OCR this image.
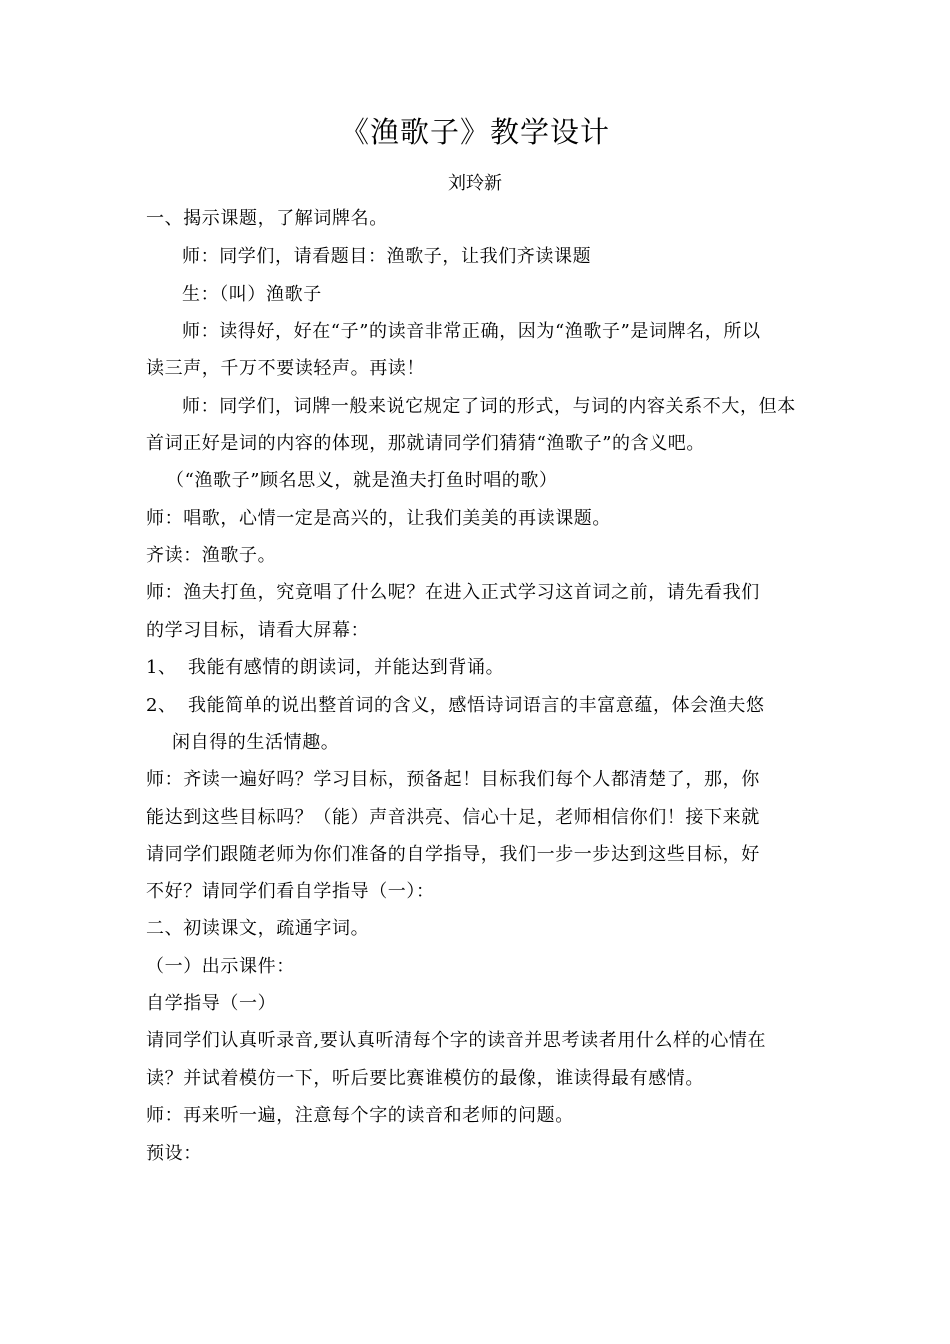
《渔歌子》教学设计
刘玲新
一、揭示课题，了解词牌名。
师：同学们，请看题目：渔歌子，让我们齐读课题
生：（叫）渔歌子
师：读得好，好在“子”的读音非常正确，因为“渔歌子”是词牌名，所以
读三声，千万不要读轻声。再读！
师：同学们，词牌一般来说它规定了词的形式，与词的内容关系不大，但本
首词正好是词的内容的体现，那就请同学们猜猜“渔歌子”的含义吧。
（“渔歌子”顾名思义，就是渔夫打鱼时唱的歌）
师：唱歌，心情一定是高兴的，让我们美美的再读课题。
齐读：渔歌子。
师：渔夫打鱼，究竟唱了什么呢？在进入正式学习这首词之前，请先看我们
的学习目标，请看大屏幕：
1、 我能有感情的朗读词，并能达到背诵。
2、 我能简单的说出整首词的含义，感悟诗词语言的丰富意蕴，体会渔夫悠
闲自得的生活情趣。
师：齐读一遍好吗？学习目标，预备起！目标我们每个人都清楚了，那，你
能达到这些目标吗？（能）声音洪亮、信心十足，老师相信你们！接下来就
请同学们跟随老师为你们准备的自学指导，我们一步一步达到这些目标，好
不好？请同学们看自学指导（一）：
二、初读课文，疏通字词。
（一）出示课件：
自学指导（一）
请同学们认真听录音,要认真听清每个字的读音并思考读者用什么样的心情在
读？并试着模仿一下，听后要比赛谁模仿的最像，谁读得最有感情。
师：再来听一遍，注意每个字的读音和老师的问题。
预设：
